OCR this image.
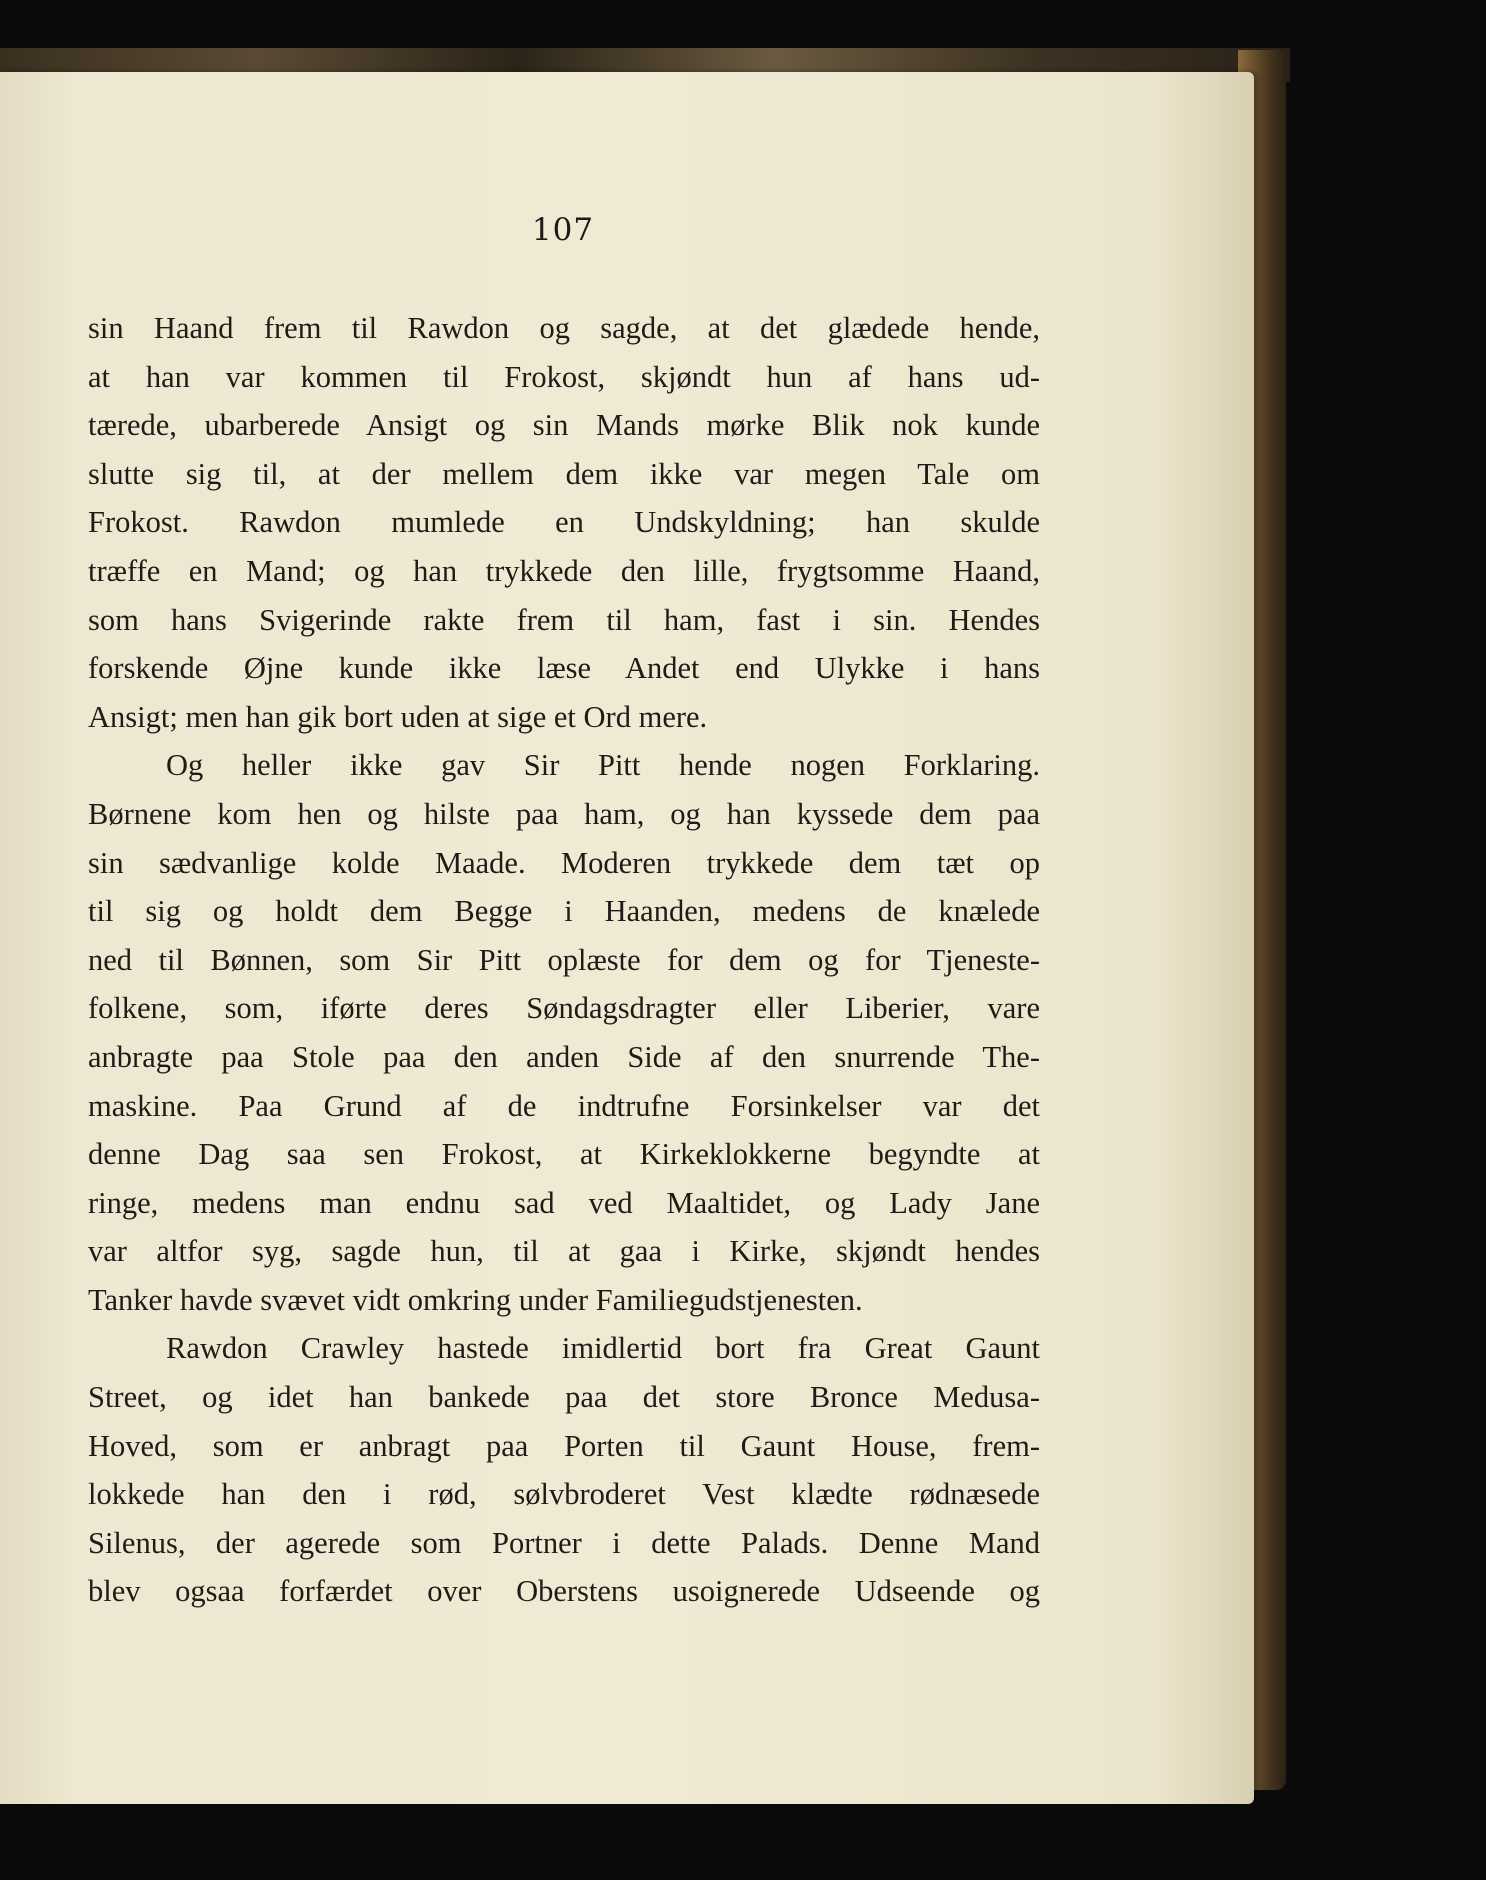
107
sin Haand frem til Rawdon og sagde, at det glædede hende,
at han var kommen til Frokost, skjøndt hun af hans ud-
tærede, ubarberede Ansigt og sin Mands mørke Blik nok kunde
slutte sig til, at der mellem dem ikke var megen Tale om
Frokost. Rawdon mumlede en Undskyldning; han skulde
træffe en Mand; og han trykkede den lille, frygtsomme Haand,
som hans Svigerinde rakte frem til ham, fast i sin. Hendes
forskende Øjne kunde ikke læse Andet end Ulykke i hans
Ansigt; men han gik bort uden at sige et Ord mere.
Og heller ikke gav Sir Pitt hende nogen Forklaring.
Børnene kom hen og hilste paa ham, og han kyssede dem paa
sin sædvanlige kolde Maade. Moderen trykkede dem tæt op
til sig og holdt dem Begge i Haanden, medens de knælede
ned til Bønnen, som Sir Pitt oplæste for dem og for Tjeneste-
folkene, som, iførte deres Søndagsdragter eller Liberier, vare
anbragte paa Stole paa den anden Side af den snurrende The-
maskine. Paa Grund af de indtrufne Forsinkelser var det
denne Dag saa sen Frokost, at Kirkeklokkerne begyndte at
ringe, medens man endnu sad ved Maaltidet, og Lady Jane
var altfor syg, sagde hun, til at gaa i Kirke, skjøndt hendes
Tanker havde svævet vidt omkring under Familiegudstjenesten.
Rawdon Crawley hastede imidlertid bort fra Great Gaunt
Street, og idet han bankede paa det store Bronce Medusa-
Hoved, som er anbragt paa Porten til Gaunt House, frem-
lokkede han den i rød, sølvbroderet Vest klædte rødnæsede
Silenus, der agerede som Portner i dette Palads. Denne Mand
blev ogsaa forfærdet over Oberstens usoignerede Udseende og
